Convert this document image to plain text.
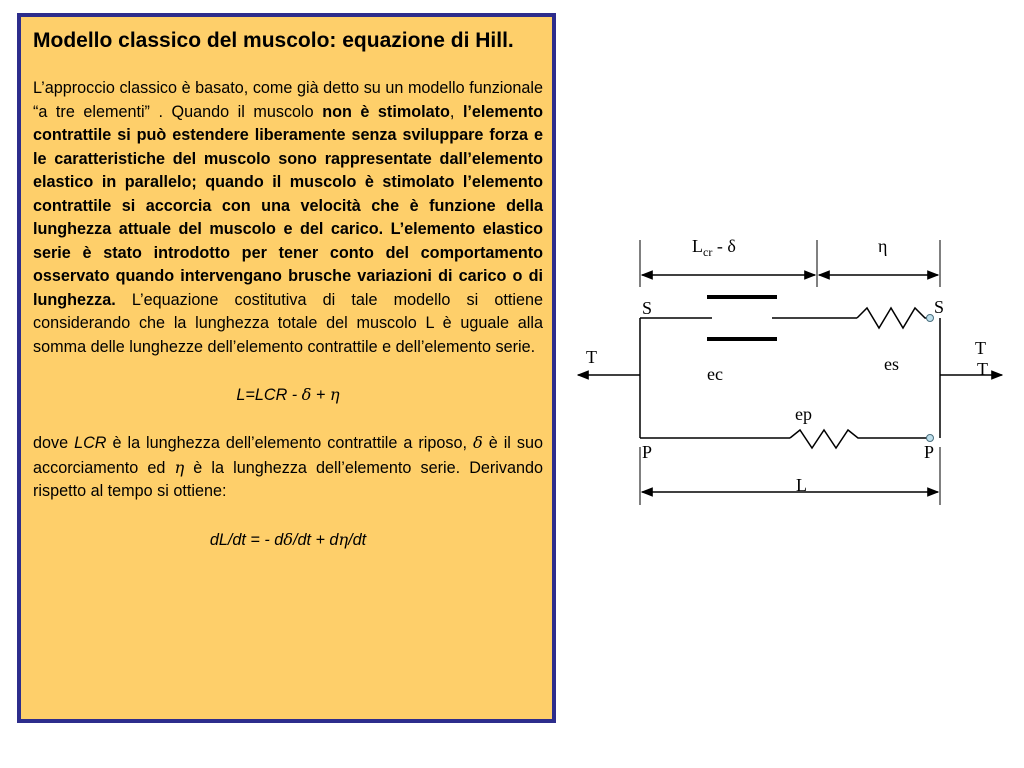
Modello classico del muscolo: equazione di Hill.

L’approccio classico è basato, come già detto su un modello funzionale “a tre elementi” . Quando il muscolo non è stimolato, l’elemento contrattile si può estendere liberamente senza sviluppare forza e le caratteristiche del muscolo sono rappresentate dall’elemento elastico in parallelo; quando il muscolo è stimolato l’elemento contrattile si accorcia con una velocità che è funzione della lunghezza attuale del muscolo e del carico. L’elemento elastico serie è stato introdotto per tener conto del comportamento osservato quando intervengano brusche variazioni di carico o di lunghezza. L’equazione costitutiva di tale modello si ottiene considerando che la lunghezza totale del muscolo L è uguale alla somma delle lunghezze dell’elemento contrattile e dell’elemento serie.

L=LCR - δ + η

dove LCR è la lunghezza dell’elemento contrattile a riposo, δ è il suo accorciamento ed η è la lunghezza dell’elemento serie. Derivando rispetto al tempo si ottiene:

dL/dt = - dδ/dt + dη/dt

$L_{cr}$ - δ	η
S	S
T	T
T
ec	es
ep
P	P
L
